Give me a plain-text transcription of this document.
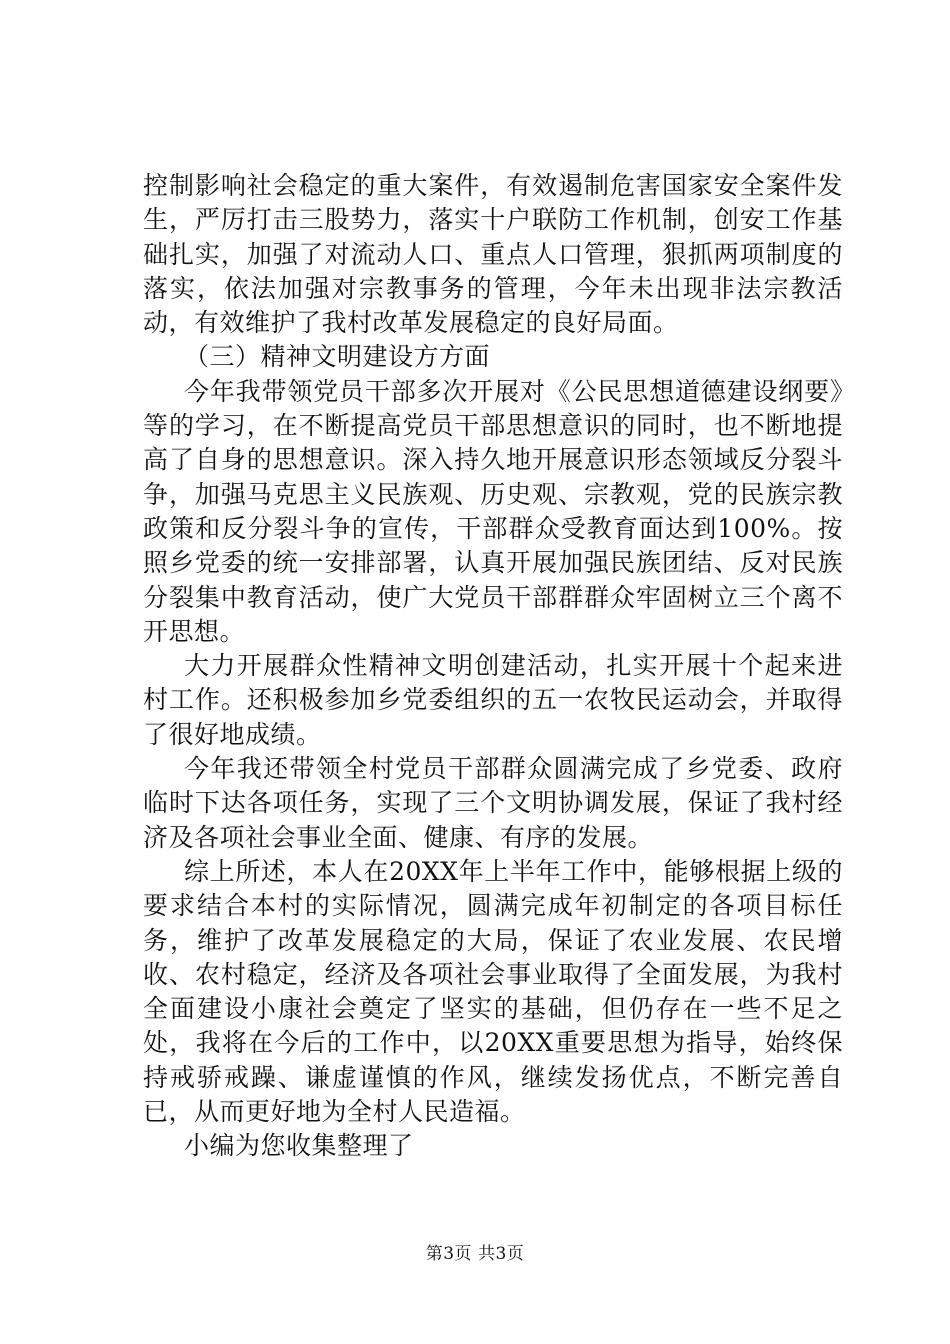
控制影响社会稳定的重大案件，有效遏制危害国家安全案件发生，严厉打击三股势力，落实十户联防工作机制，创安工作基础扎实，加强了对流动人口、重点人口管理，狠抓两项制度的落实，依法加强对宗教事务的管理，今年未出现非法宗教活动，有效维护了我村改革发展稳定的良好局面。

（三）精神文明建设方方面

今年我带领党员干部多次开展对《公民思想道德建设纲要》等的学习，在不断提高党员干部思想意识的同时，也不断地提高了自身的思想意识。深入持久地开展意识形态领域反分裂斗争，加强马克思主义民族观、历史观、宗教观，党的民族宗教政策和反分裂斗争的宣传，干部群众受教育面达到100%。按照乡党委的统一安排部署，认真开展加强民族团结、反对民族分裂集中教育活动，使广大党员干部群群众牢固树立三个离不开思想。

大力开展群众性精神文明创建活动，扎实开展十个起来进村工作。还积极参加乡党委组织的五一农牧民运动会，并取得了很好地成绩。

今年我还带领全村党员干部群众圆满完成了乡党委、政府临时下达各项任务，实现了三个文明协调发展，保证了我村经济及各项社会事业全面、健康、有序的发展。

综上所述，本人在20XX年上半年工作中，能够根据上级的要求结合本村的实际情况，圆满完成年初制定的各项目标任务，维护了改革发展稳定的大局，保证了农业发展、农民增收、农村稳定，经济及各项社会事业取得了全面发展，为我村全面建设小康社会奠定了坚实的基础，但仍存在一些不足之处，我将在今后的工作中，以20XX重要思想为指导，始终保持戒骄戒躁、谦虚谨慎的作风，继续发扬优点，不断完善自已，从而更好地为全村人民造福。

小编为您收集整理了

第3页 共3页
